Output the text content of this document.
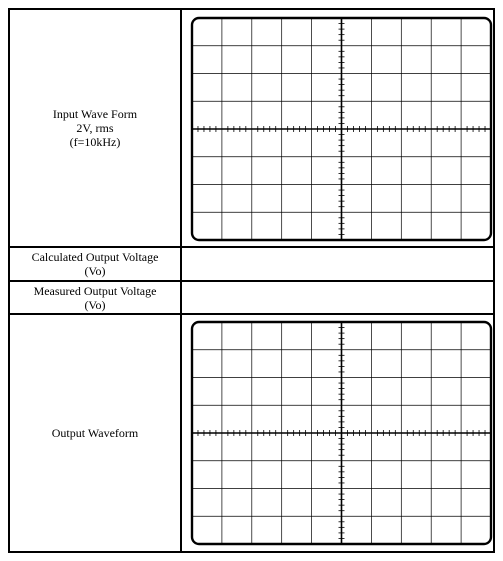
Input Wave Form
2V, rms
(f=10kHz)
Calculated Output Voltage
(Vo)
Measured Output Voltage
(Vo)
Output Waveform
